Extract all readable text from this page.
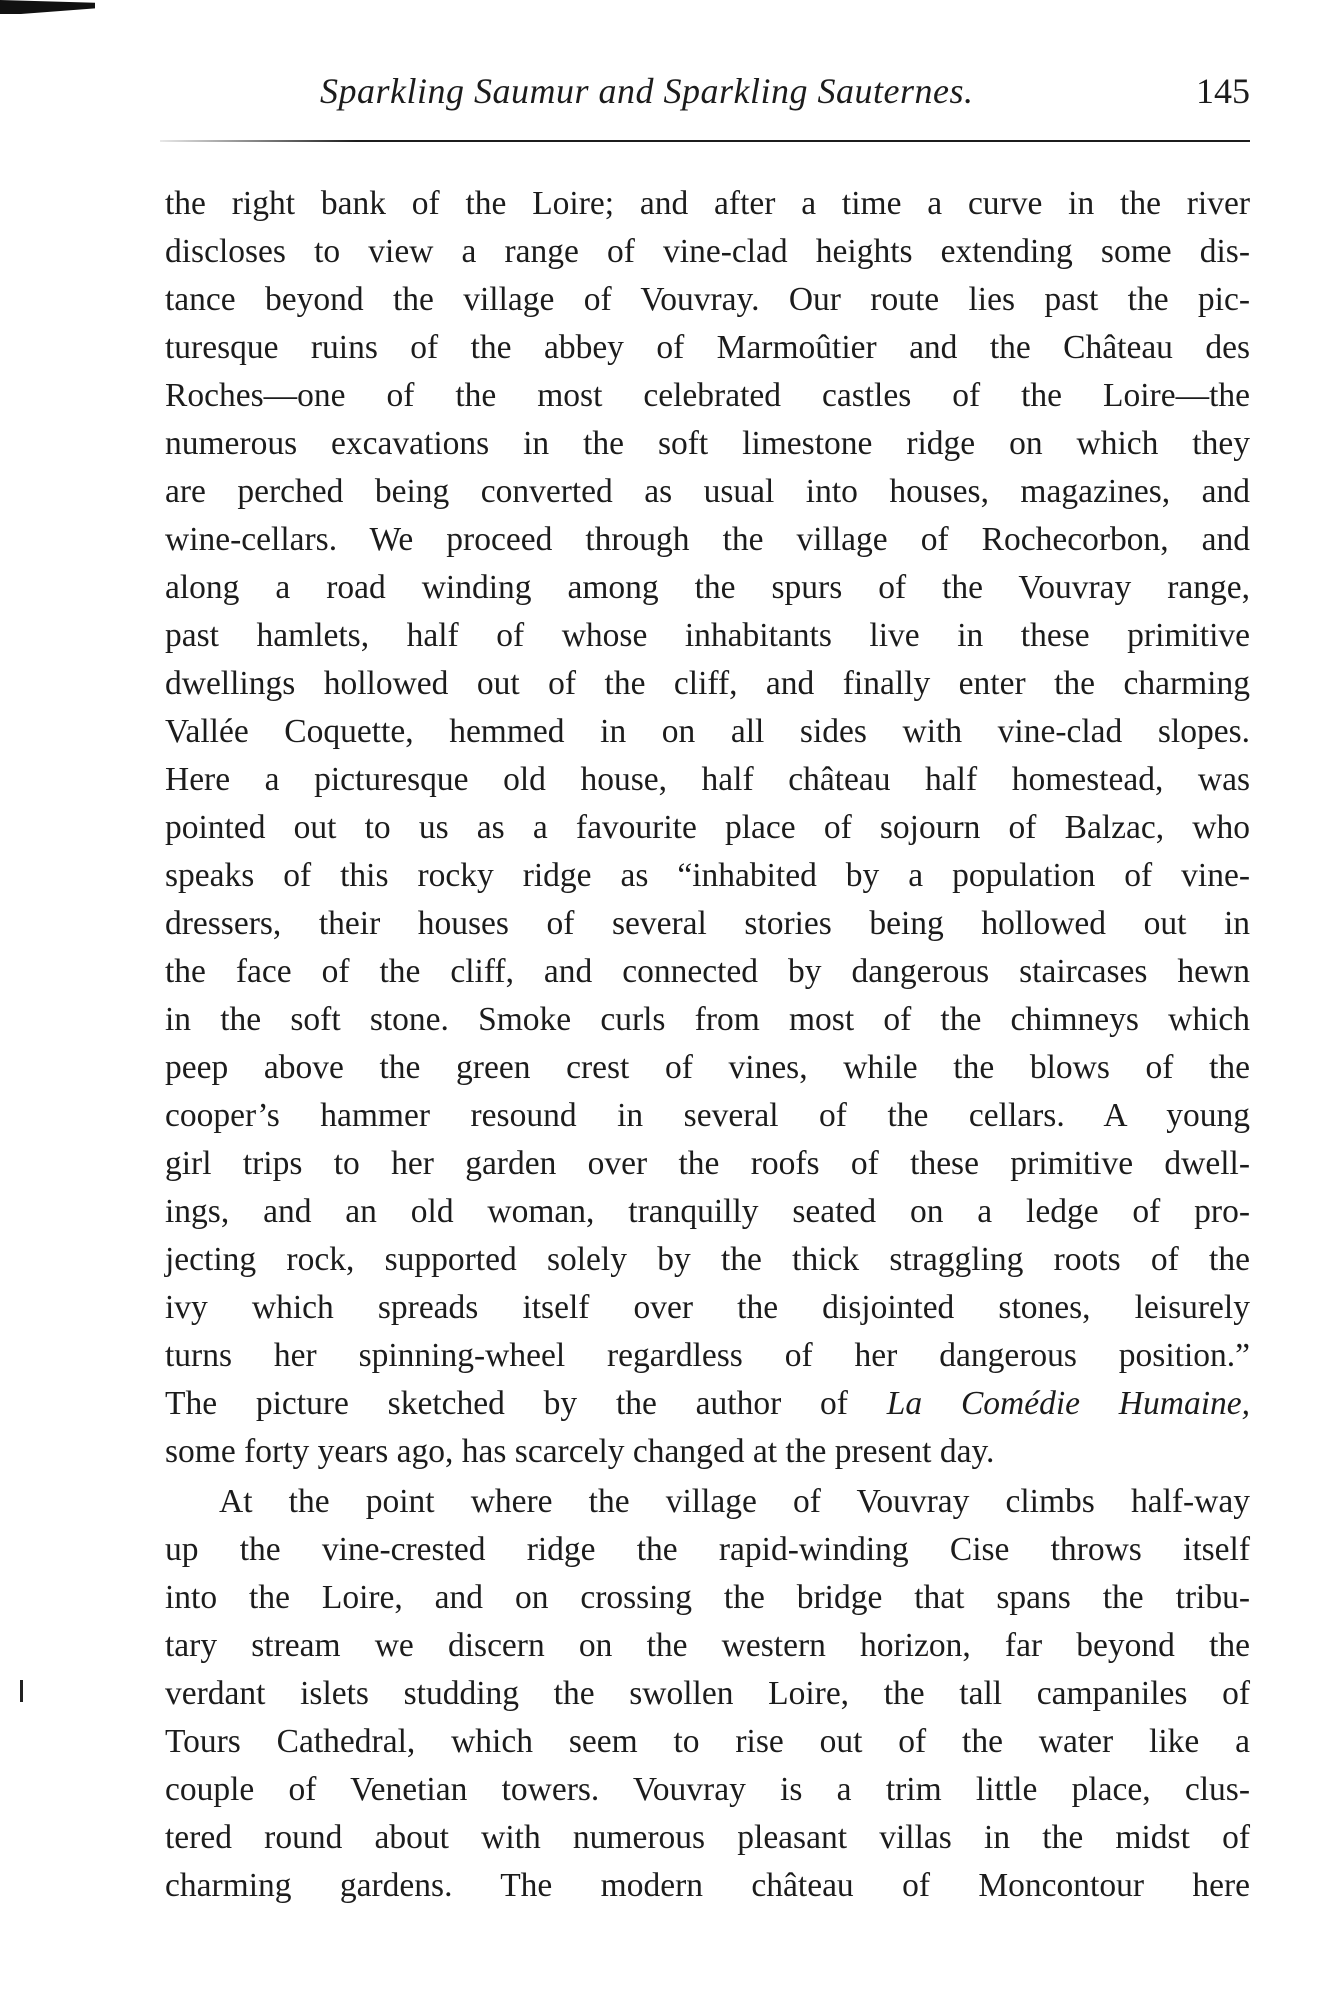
Sparkling Saumur and Sparkling Sauternes.	145
the right bank of the Loire; and after a time a curve in the river
discloses to view a range of vine-clad heights extending some dis-
tance beyond the village of Vouvray. Our route lies past the pic-
turesque ruins of the abbey of Marmoûtier and the Château des
Roches—one of the most celebrated castles of the Loire—the
numerous excavations in the soft limestone ridge on which they
are perched being converted as usual into houses, magazines, and
wine-cellars. We proceed through the village of Rochecorbon, and
along a road winding among the spurs of the Vouvray range,
past hamlets, half of whose inhabitants live in these primitive
dwellings hollowed out of the cliff, and finally enter the charming
Vallée Coquette, hemmed in on all sides with vine-clad slopes.
Here a picturesque old house, half château half homestead, was
pointed out to us as a favourite place of sojourn of Balzac, who
speaks of this rocky ridge as “inhabited by a population of vine-
dressers, their houses of several stories being hollowed out in
the face of the cliff, and connected by dangerous staircases hewn
in the soft stone. Smoke curls from most of the chimneys which
peep above the green crest of vines, while the blows of the
cooper’s hammer resound in several of the cellars. A young
girl trips to her garden over the roofs of these primitive dwell-
ings, and an old woman, tranquilly seated on a ledge of pro-
jecting rock, supported solely by the thick straggling roots of the
ivy which spreads itself over the disjointed stones, leisurely
turns her spinning-wheel regardless of her dangerous position.”
The picture sketched by the author of La Comédie Humaine,
some forty years ago, has scarcely changed at the present day.
At the point where the village of Vouvray climbs half-way
up the vine-crested ridge the rapid-winding Cise throws itself
into the Loire, and on crossing the bridge that spans the tribu-
tary stream we discern on the western horizon, far beyond the
verdant islets studding the swollen Loire, the tall campaniles of
Tours Cathedral, which seem to rise out of the water like a
couple of Venetian towers. Vouvray is a trim little place, clus-
tered round about with numerous pleasant villas in the midst of
charming gardens. The modern château of Moncontour here
